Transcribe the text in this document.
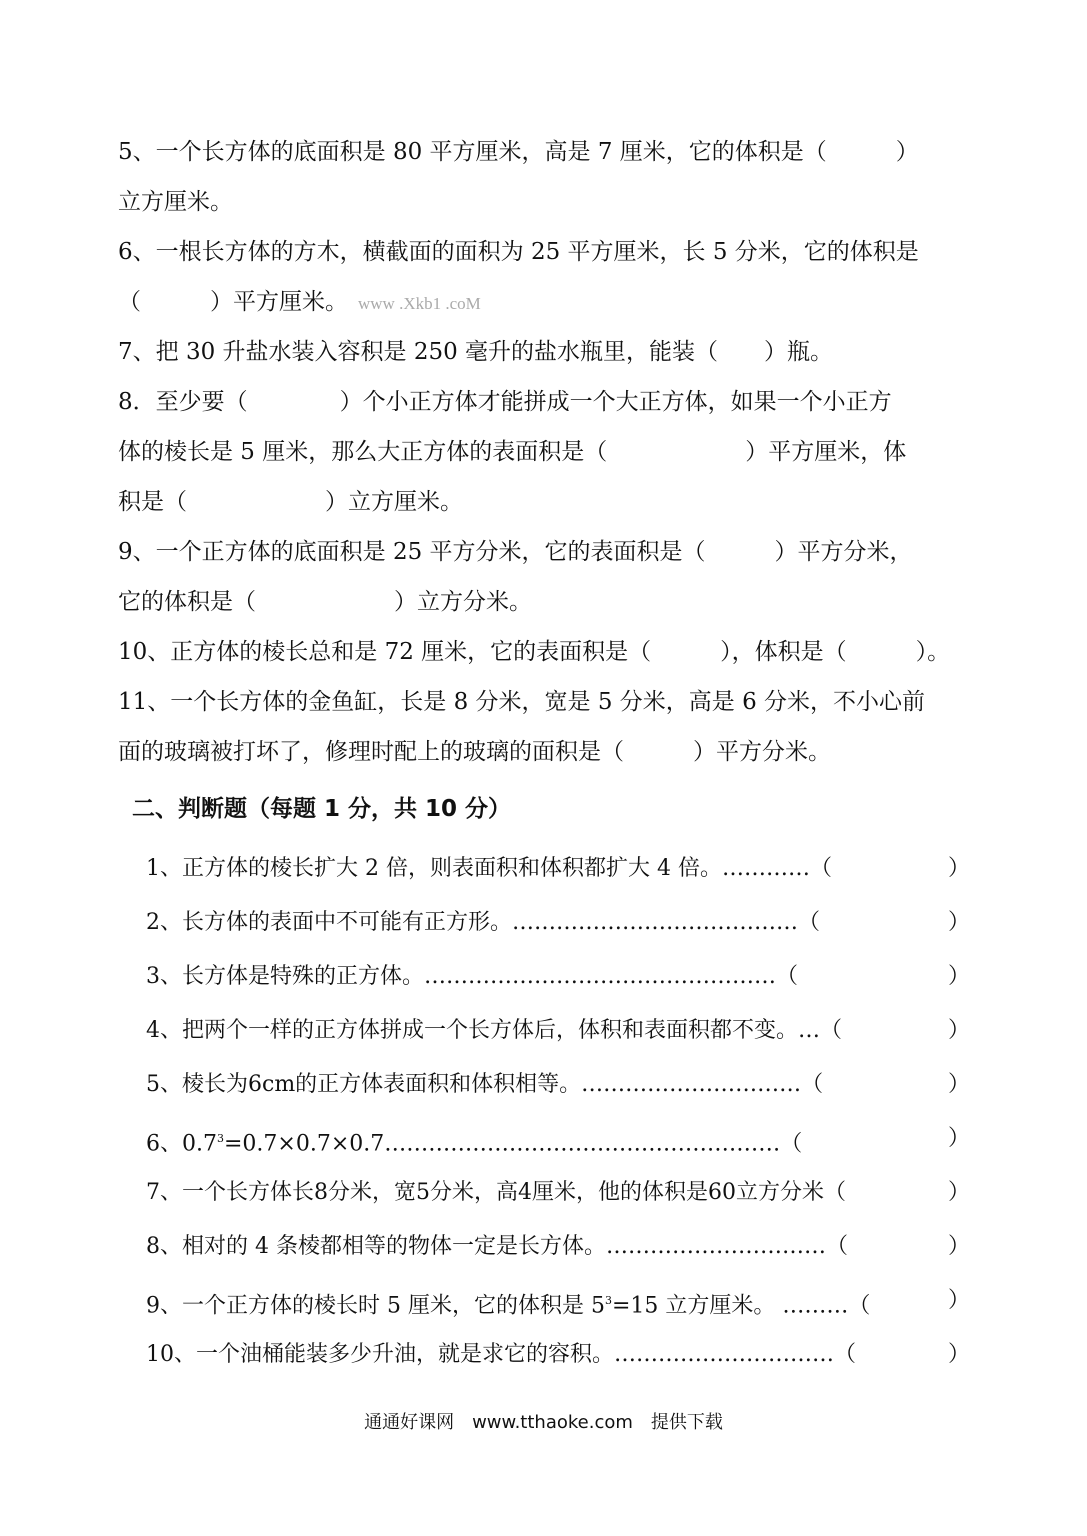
5、一个长方体的底面积是 80 平方厘米，高是 7 厘米，它的体积是（　　　）
立方厘米。
6、一根长方体的方木，横截面的面积为 25 平方厘米，长 5 分米，它的体积是
（　　　）平方厘米。 www .Xkb1 .coM
7、把 30 升盐水装入容积是 250 毫升的盐水瓶里，能装（　　）瓶。
8．至少要（　　　　）个小正方体才能拼成一个大正方体，如果一个小正方
体的棱长是 5 厘米，那么大正方体的表面积是（　　　　　　）平方厘米，体
积是（　　　　　　）立方厘米。
9、一个正方体的底面积是 25 平方分米，它的表面积是（　　　）平方分米，
它的体积是（　　　　　　）立方分米。
10、正方体的棱长总和是 72 厘米，它的表面积是（　　　），体积是（　　　）。
11、一个长方体的金鱼缸，长是 8 分米，宽是 5 分米，高是 6 分米，不小心前
面的玻璃被打坏了，修理时配上的玻璃的面积是（　　　）平方分米。
二、判断题（每题 1 分，共 10 分）
1、正方体的棱长扩大 2 倍，则表面积和体积都扩大 4 倍。…………（	）
2、长方体的表面中不可能有正方形。…………………………………（	）
3、长方体是特殊的正方体。…………………………………………（	）
4、把两个一样的正方体拼成一个长方体后，体积和表面积都不变。…（	）
5、棱长为6cm的正方体表面积和体积相等。…………………………（	）
6、$0.7^3=0.7\times 0.7\times 0.7\dots\dots\dots\dots\dots\dots\dots\dots\dots\dots\dots\dots\dots\dots\dots\dots\dots\dots$（	）
7、一个长方体长8分米，宽5分米，高4厘米，他的体积是60立方分米（	）
8、相对的 4 条棱都相等的物体一定是长方体。…………………………（	）
9、一个正方体的棱长时 5 厘米，它的体积是 $5^3=15$ 立方厘米。 ………（	）
10、一个油桶能装多少升油，就是求它的容积。…………………………（	）
通通好课网　www.tthaoke.com　提供下载
